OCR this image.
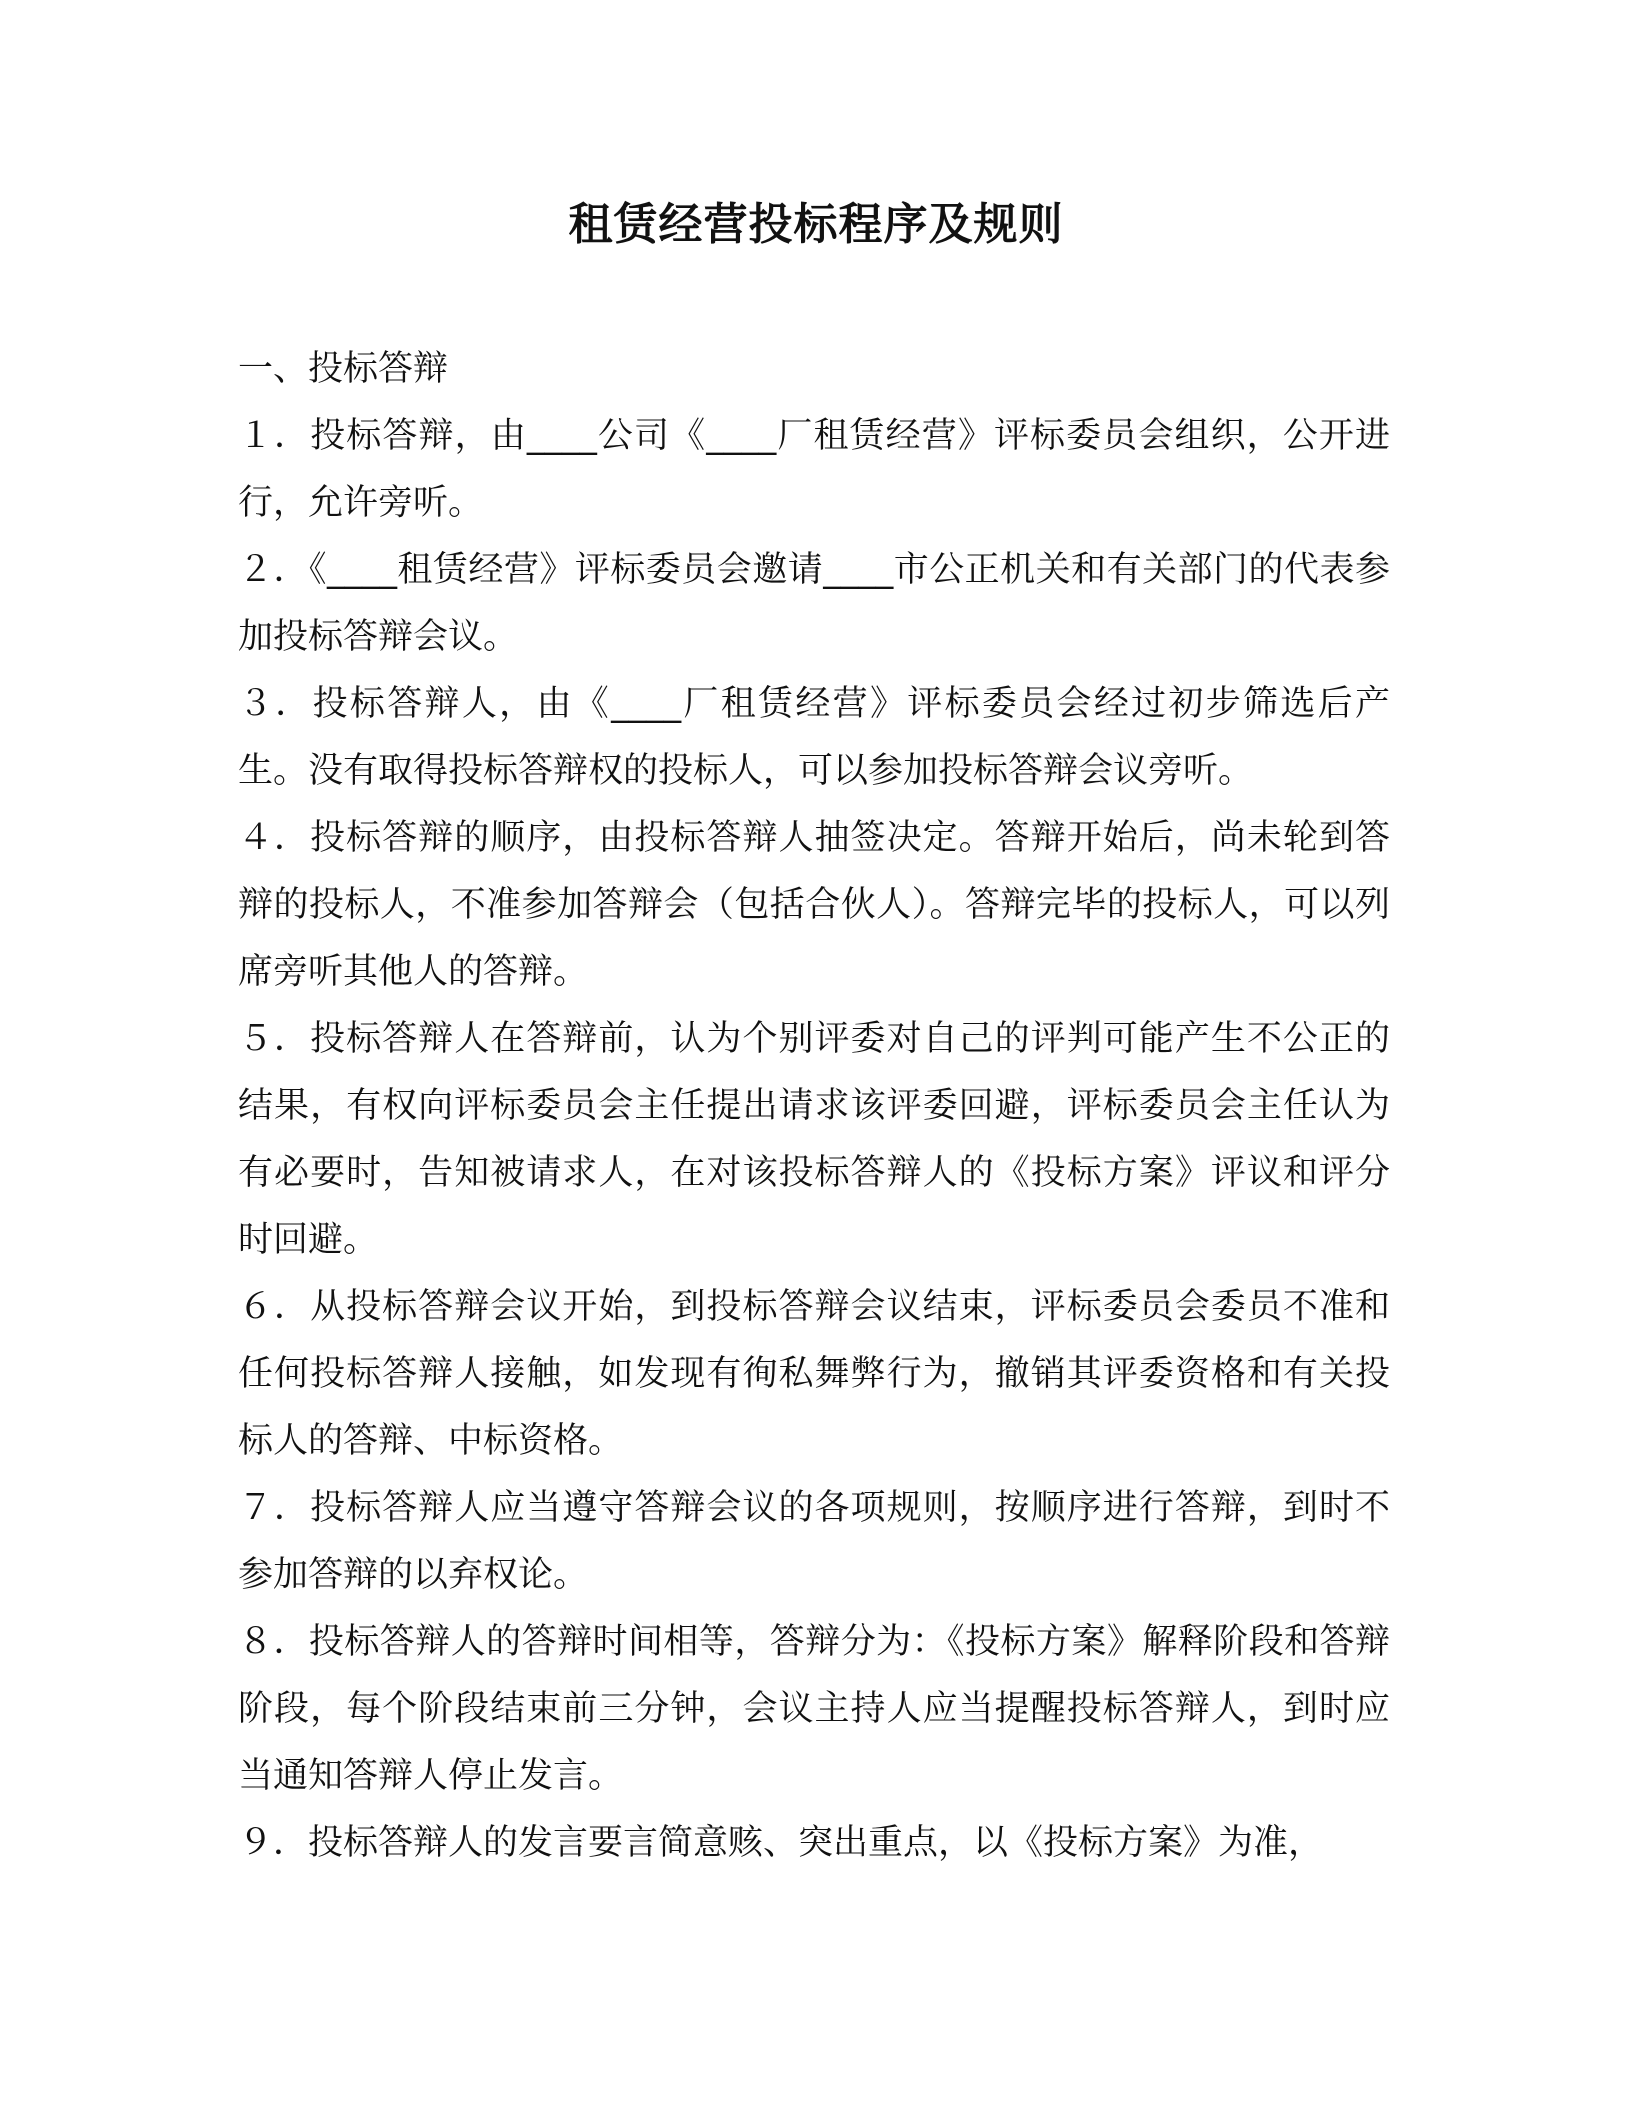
租赁经营投标程序及规则

一、投标答辩

１．投标答辩，由____公司《____厂租赁经营》评标委员会组织，公开进行，允许旁听。

２．《____租赁经营》评标委员会邀请____市公正机关和有关部门的代表参加投标答辩会议。

３．投标答辩人，由《____厂租赁经营》评标委员会经过初步筛选后产生。没有取得投标答辩权的投标人，可以参加投标答辩会议旁听。

４．投标答辩的顺序，由投标答辩人抽签决定。答辩开始后，尚未轮到答辩的投标人，不准参加答辩会（包括合伙人）。答辩完毕的投标人，可以列席旁听其他人的答辩。

５．投标答辩人在答辩前，认为个别评委对自己的评判可能产生不公正的结果，有权向评标委员会主任提出请求该评委回避，评标委员会主任认为有必要时，告知被请求人，在对该投标答辩人的《投标方案》评议和评分时回避。

６．从投标答辩会议开始，到投标答辩会议结束，评标委员会委员不准和任何投标答辩人接触，如发现有徇私舞弊行为，撤销其评委资格和有关投标人的答辩、中标资格。

７．投标答辩人应当遵守答辩会议的各项规则，按顺序进行答辩，到时不参加答辩的以弃权论。

８．投标答辩人的答辩时间相等，答辩分为：《投标方案》解释阶段和答辩阶段，每个阶段结束前三分钟，会议主持人应当提醒投标答辩人，到时应当通知答辩人停止发言。

９．投标答辩人的发言要言简意赅、突出重点，以《投标方案》为准，
